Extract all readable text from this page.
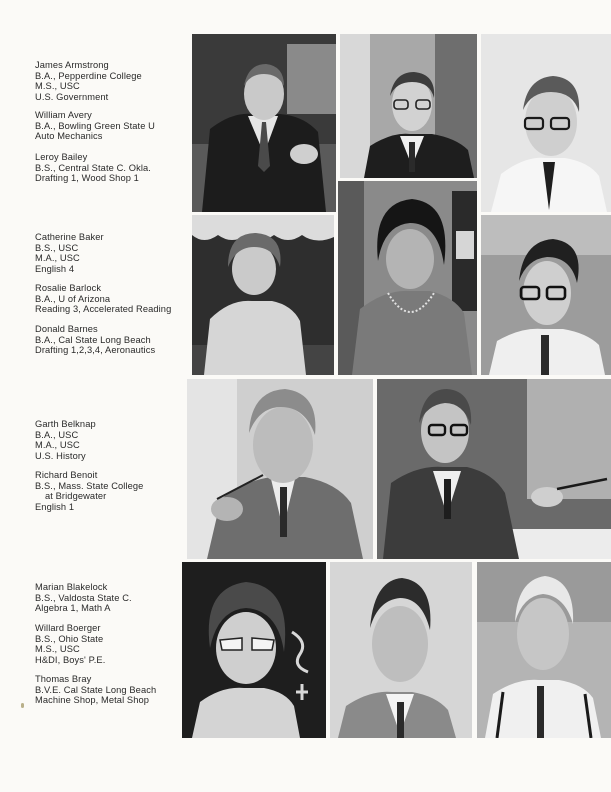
James Armstrong
B.A., Pepperdine College
M.S., USC
U.S. Government
William Avery
B.A., Bowling Green State U
Auto Mechanics
Leroy Bailey
B.S., Central State C. Okla.
Drafting 1, Wood Shop 1
Catherine Baker
B.S., USC
M.A., USC
English 4
Rosalie Barlock
B.A., U of Arizona
Reading 3, Accelerated Reading
Donald Barnes
B.A., Cal State Long Beach
Drafting 1,2,3,4, Aeronautics
Garth Belknap
B.A., USC
M.A., USC
U.S. History
Richard Benoit
B.S., Mass. State College
at Bridgewater
English 1
Marian Blakelock
B.S., Valdosta State C.
Algebra 1, Math A
Willard Boerger
B.S., Ohio State
M.S., USC
H&DI, Boys' P.E.
Thomas Bray
B.V.E. Cal State Long Beach
Machine Shop, Metal Shop
